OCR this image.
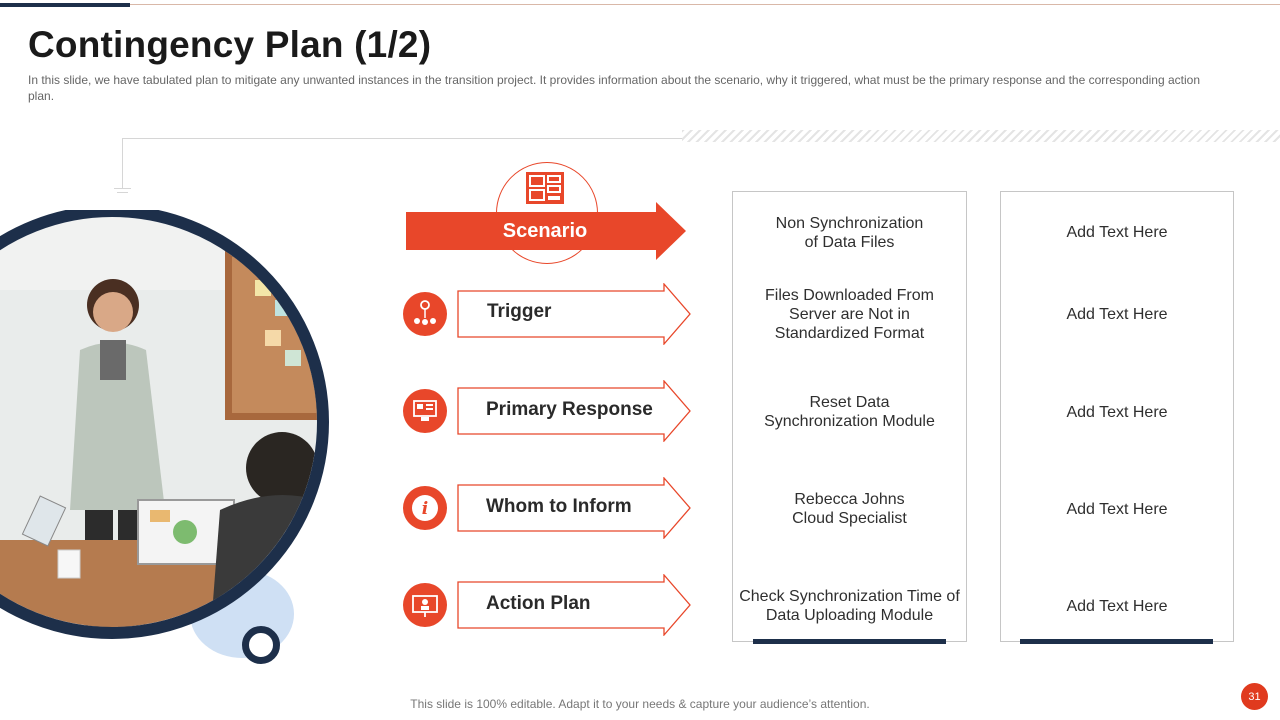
Contingency Plan (1/2)
In this slide, we have tabulated plan to mitigate any unwanted instances in the transition project. It provides information about the scenario, why it triggered, what must be the primary response and the corresponding action plan.
Scenario
Trigger
Primary Response
i	Whom to Inform
Action Plan
Non Synchronization
of Data Files
Files Downloaded From
Server are Not in
Standardized Format
Reset Data
Synchronization Module
Rebecca Johns
Cloud Specialist
Check Synchronization Time of
Data Uploading Module
Add Text Here
Add Text Here
Add Text Here
Add Text Here
Add Text Here
This slide is 100% editable. Adapt it to your needs & capture your audience’s attention.
31
